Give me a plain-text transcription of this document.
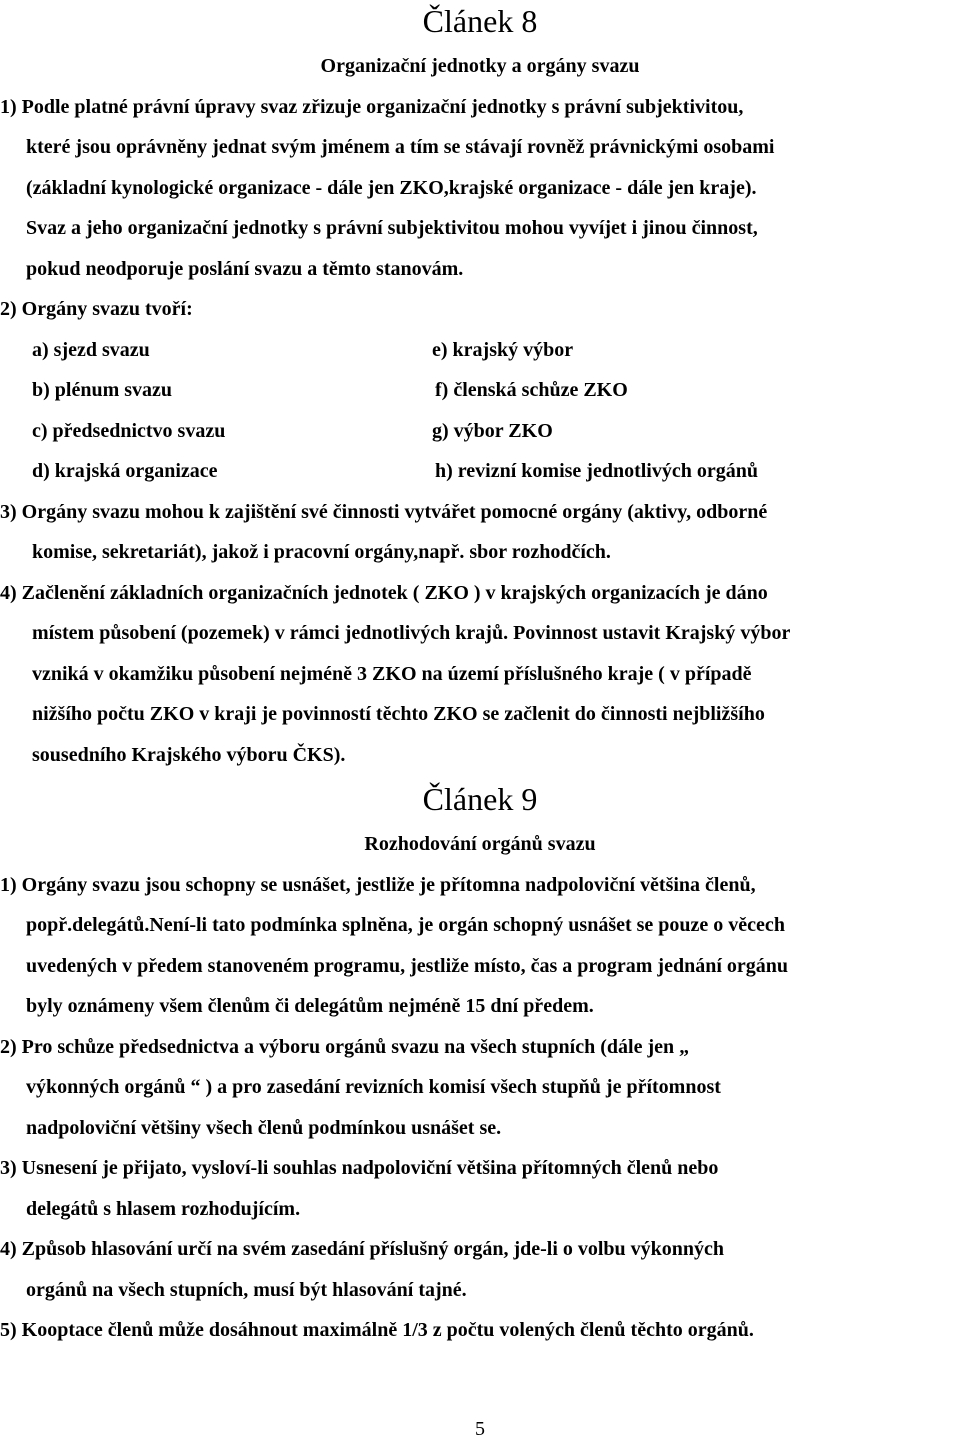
Článek 8
Organizační jednotky a orgány svazu
1) Podle platné právní úpravy svaz zřizuje organizační jednotky s právní subjektivitou,
které jsou oprávněny jednat svým jménem a tím se stávají rovněž právnickými osobami
(základní kynologické organizace - dále jen ZKO,krajské organizace - dále jen kraje).
Svaz a jeho organizační jednotky s právní subjektivitou mohou vyvíjet i jinou činnost,
pokud neodporuje poslání svazu a těmto stanovám.
2) Orgány svazu tvoří:
a) sjezd svazu
b) plénum svazu
c) předsednictvo svazu
d) krajská organizace
e) krajský výbor
f) členská schůze ZKO
g) výbor ZKO
h) revizní komise jednotlivých orgánů
3) Orgány svazu mohou k zajištění své činnosti vytvářet pomocné orgány (aktivy, odborné
komise, sekretariát), jakož i pracovní orgány,např. sbor rozhodčích.
4) Začlenění základních organizačních jednotek ( ZKO ) v krajských organizacích je dáno
místem působení (pozemek) v rámci jednotlivých krajů. Povinnost ustavit Krajský výbor
vzniká v okamžiku působení nejméně 3 ZKO na území příslušného kraje ( v případě
nižšího počtu ZKO v kraji je povinností těchto ZKO se začlenit do činnosti nejbližšího
sousedního Krajského výboru ČKS).
Článek 9
Rozhodování orgánů svazu
1) Orgány svazu jsou schopny se usnášet, jestliže je přítomna nadpoloviční většina členů,
popř.delegátů.Není-li tato podmínka splněna, je orgán schopný usnášet se pouze o věcech
uvedených v předem stanoveném programu, jestliže místo, čas a program jednání orgánu
byly oznámeny všem členům či delegátům nejméně 15 dní předem.
2) Pro schůze předsednictva a výboru orgánů svazu na všech stupních (dále jen „
výkonných orgánů “ ) a pro zasedání revizních komisí všech stupňů je přítomnost
nadpoloviční většiny všech členů podmínkou usnášet se.
3) Usnesení je přijato, vysloví-li souhlas nadpoloviční většina přítomných členů nebo
delegátů s hlasem rozhodujícím.
4) Způsob hlasování určí na svém zasedání příslušný orgán, jde-li o volbu výkonných
orgánů na všech stupních, musí být hlasování tajné.
5) Kooptace členů může dosáhnout maximálně 1/3 z počtu volených členů těchto orgánů.
5
